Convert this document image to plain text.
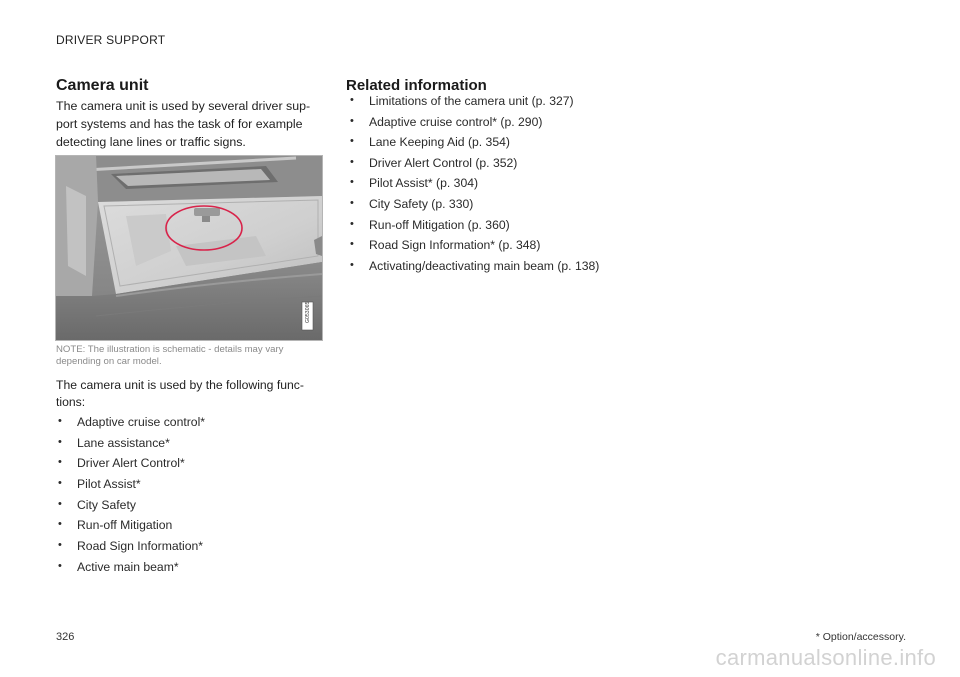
DRIVER SUPPORT
Camera unit
The camera unit is used by several driver sup-
port systems and has the task of for example
detecting lane lines or traffic signs.
G053065
NOTE: The illustration is schematic - details may vary
depending on car model.
The camera unit is used by the following func-
tions:
• Adaptive cruise control*
• Lane assistance*
• Driver Alert Control*
• Pilot Assist*
• City Safety
• Run-off Mitigation
• Road Sign Information*
• Active main beam*
Related information
• Limitations of the camera unit (p. 327)
• Adaptive cruise control* (p. 290)
• Lane Keeping Aid (p. 354)
• Driver Alert Control (p. 352)
• Pilot Assist* (p. 304)
• City Safety (p. 330)
• Run-off Mitigation (p. 360)
• Road Sign Information* (p. 348)
• Activating/deactivating main beam (p. 138)
326	* Option/accessory.
carmanualsonline.info
